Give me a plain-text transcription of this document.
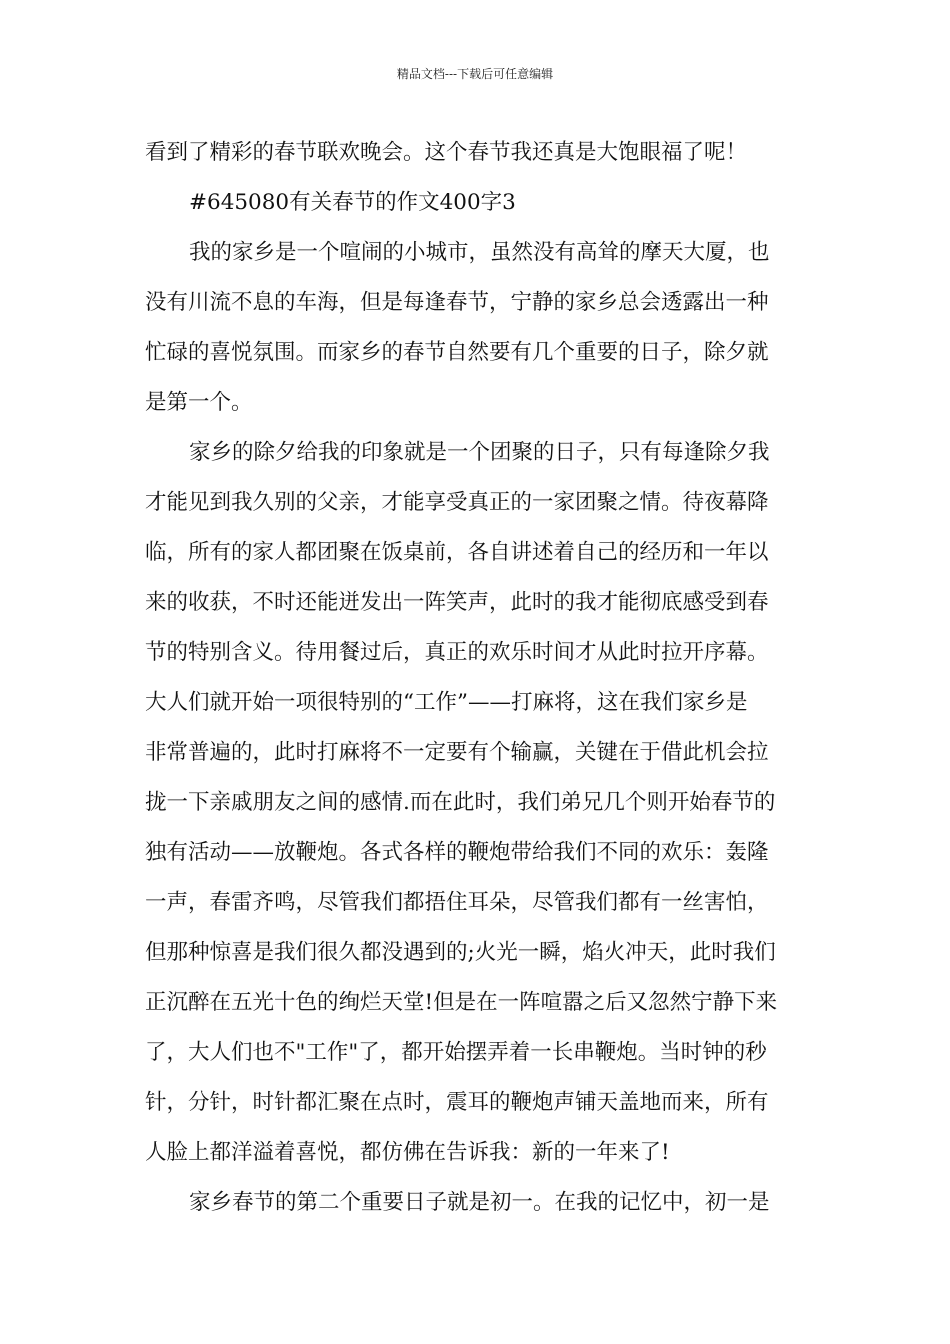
精品文档---下载后可任意编辑
看到了精彩的春节联欢晚会。这个春节我还真是大饱眼福了呢！
#645080有关春节的作文400字3
我的家乡是一个喧闹的小城市，虽然没有高耸的摩天大厦，也
没有川流不息的车海，但是每逢春节，宁静的家乡总会透露出一种
忙碌的喜悦氛围。而家乡的春节自然要有几个重要的日子，除夕就
是第一个。
家乡的除夕给我的印象就是一个团聚的日子，只有每逢除夕我
才能见到我久别的父亲，才能享受真正的一家团聚之情。待夜幕降
临，所有的家人都团聚在饭桌前，各自讲述着自己的经历和一年以
来的收获，不时还能迸发出一阵笑声，此时的我才能彻底感受到春
节的特别含义。待用餐过后，真正的欢乐时间才从此时拉开序幕。
大人们就开始一项很特别的“工作”——打麻将，这在我们家乡是
非常普遍的，此时打麻将不一定要有个输赢，关键在于借此机会拉
拢一下亲戚朋友之间的感情.而在此时，我们弟兄几个则开始春节的
独有活动——放鞭炮。各式各样的鞭炮带给我们不同的欢乐：轰隆
一声，春雷齐鸣，尽管我们都捂住耳朵，尽管我们都有一丝害怕，
但那种惊喜是我们很久都没遇到的;火光一瞬，焰火冲天，此时我们
正沉醉在五光十色的绚烂天堂!但是在一阵喧嚣之后又忽然宁静下来
了，大人们也不"工作"了，都开始摆弄着一长串鞭炮。当时钟的秒
针，分针，时针都汇聚在点时，震耳的鞭炮声铺天盖地而来，所有
人脸上都洋溢着喜悦，都仿佛在告诉我：新的一年来了!
家乡春节的第二个重要日子就是初一。在我的记忆中，初一是
